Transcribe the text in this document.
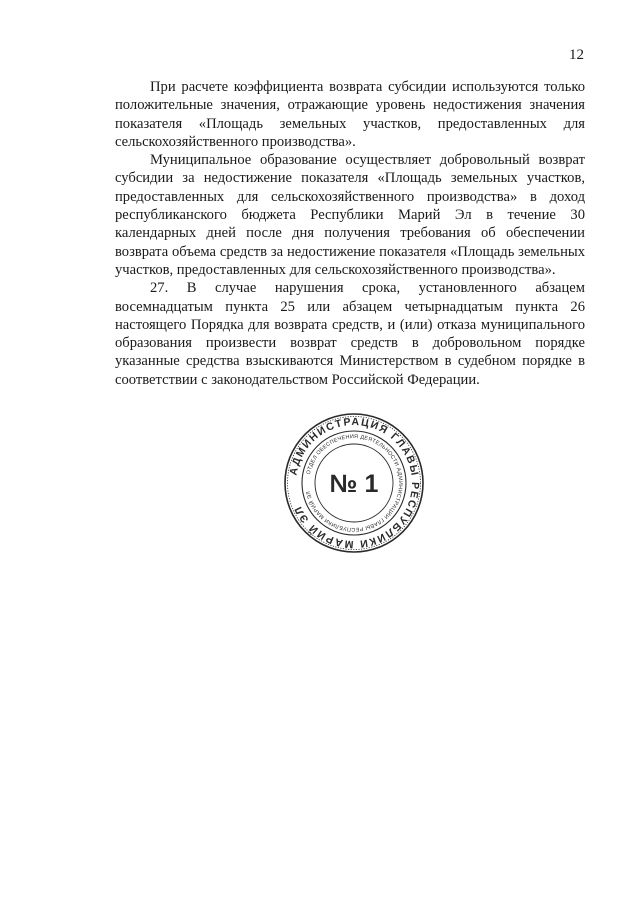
12

При расчете коэффициента возврата субсидии используются только положительные значения, отражающие уровень недостижения значения показателя «Площадь земельных участков, предоставленных для сельскохозяйственного производства».

Муниципальное образование осуществляет добровольный возврат субсидии за недостижение показателя «Площадь земельных участков, предоставленных для сельскохозяйственного производства» в доход республиканского бюджета Республики Марий Эл в течение 30 календарных дней после дня получения требования об обеспечении возврата объема средств за недостижение показателя «Площадь земельных участков, предоставленных для сельскохозяйственного производства».

27. В случае нарушения срока, установленного абзацем восемнадцатым пункта 25 или абзацем четырнадцатым пункта 26 настоящего Порядка для возврата средств, и (или) отказа муниципального образования произвести возврат средств в добровольном порядке указанные средства взыскиваются Министерством в судебном порядке в соответствии с законодательством Российской Федерации.

АДМИНИСТРАЦИЯ ГЛАВЫ РЕСПУБЛИКИ МАРИЙ ЭЛ
ОТДЕЛ ОБЕСПЕЧЕНИЯ ДЕЯТЕЛЬНОСТИ АДМИНИСТРАЦИИ ГЛАВЫ РЕСПУБЛИКИ МАРИЙ ЭЛ № 1
